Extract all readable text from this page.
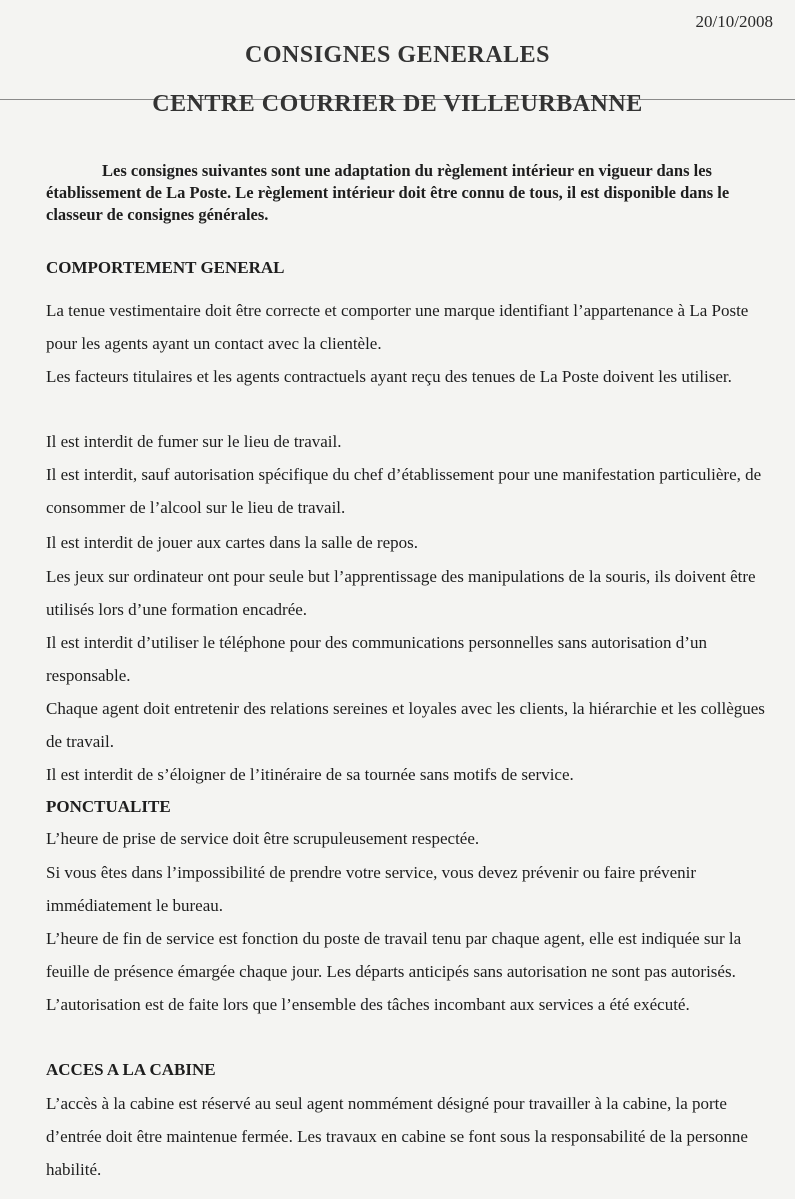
20/10/2008
CONSIGNES GENERALES
CENTRE COURRIER DE VILLEURBANNE
Les consignes suivantes sont une adaptation du règlement intérieur en vigueur dans les établissement de La Poste. Le règlement intérieur doit être connu de tous, il est disponible dans le classeur de consignes générales.
COMPORTEMENT GENERAL
La tenue vestimentaire doit être correcte et comporter une marque identifiant l’appartenance à La Poste pour les agents ayant un contact avec la clientèle.
Les facteurs titulaires et les agents contractuels ayant reçu des tenues de La Poste doivent les utiliser.
Il est interdit de fumer sur le lieu de travail.
Il est interdit, sauf autorisation spécifique du chef d’établissement pour une manifestation particulière, de consommer de l’alcool sur le lieu de travail.
Il est interdit de jouer aux cartes dans la salle de repos.
Les jeux sur ordinateur ont pour seule but l’apprentissage des manipulations de la souris, ils doivent être utilisés lors d’une formation encadrée.
Il est interdit d’utiliser le téléphone pour des communications personnelles sans autorisation d’un responsable.
Chaque agent doit entretenir des relations sereines et loyales avec les clients, la hiérarchie et les collègues de travail.
Il est interdit de s’éloigner de l’itinéraire de sa tournée sans motifs de service.
PONCTUALITE
L’heure de prise de service doit être scrupuleusement respectée.
Si vous êtes dans l’impossibilité de prendre votre service, vous devez prévenir ou faire prévenir immédiatement le bureau.
L’heure de fin de service est fonction du poste de travail tenu par chaque agent, elle est indiquée sur la feuille de présence émargée chaque jour. Les départs anticipés sans autorisation ne sont pas autorisés. L’autorisation est de faite lors que l’ensemble des tâches incombant aux services a été exécuté.
ACCES A LA CABINE
L’accès à la cabine est réservé au seul agent nommément désigné pour travailler à la cabine, la porte d’entrée doit être maintenue fermée. Les travaux en cabine se font sous la responsabilité de la personne habilité.
